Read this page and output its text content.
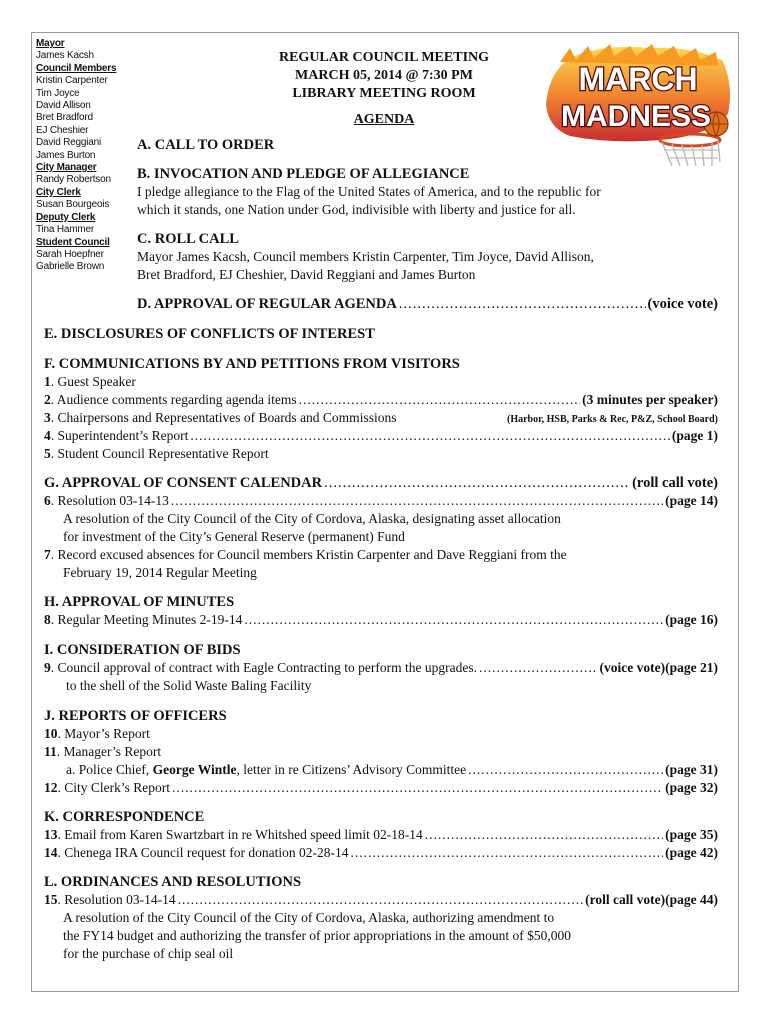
Mayor
James Kacsh
Council Members
Kristin Carpenter
Tim Joyce
David Allison
Bret Bradford
EJ Cheshier
David Reggiani
James Burton
City Manager
Randy Robertson
City Clerk
Susan Bourgeois
Deputy Clerk
Tina Hammer
Student Council
Sarah Hoepfner
Gabrielle Brown
REGULAR COUNCIL MEETING
MARCH 05, 2014 @ 7:30 PM
LIBRARY MEETING ROOM
AGENDA
MARCH
MADNESS
A. CALL TO ORDER
B. INVOCATION AND PLEDGE OF ALLEGIANCE
I pledge allegiance to the Flag of the United States of America, and to the republic for
which it stands, one Nation under God, indivisible with liberty and justice for all.
C. ROLL CALL
Mayor James Kacsh, Council members Kristin Carpenter, Tim Joyce, David Allison,
Bret Bradford, EJ Cheshier, David Reggiani and James Burton
D. APPROVAL OF REGULAR AGENDA .....	(voice vote)
E. DISCLOSURES OF CONFLICTS OF INTEREST
F. COMMUNICATIONS BY AND PETITIONS FROM VISITORS
1. Guest Speaker
2. Audience comments regarding agenda items .....	(3 minutes per speaker)
3. Chairpersons and Representatives of Boards and Commissions	(Harbor, HSB, Parks & Rec, P&Z, School Board)
4. Superintendent’s Report .....	(page 1)
5. Student Council Representative Report
G. APPROVAL OF CONSENT CALENDAR .....	(roll call vote)
6. Resolution 03-14-13 .....	(page 14)
A resolution of the City Council of the City of Cordova, Alaska, designating asset allocation
for investment of the City’s General Reserve (permanent) Fund
7. Record excused absences for Council members Kristin Carpenter and Dave Reggiani from the
February 19, 2014 Regular Meeting
H. APPROVAL OF MINUTES
8. Regular Meeting Minutes 2-19-14 .....	(page 16)
I. CONSIDERATION OF BIDS
9. Council approval of contract with Eagle Contracting to perform the upgrades. .....	(voice vote)(page 21)
to the shell of the Solid Waste Baling Facility
J. REPORTS OF OFFICERS
10. Mayor’s Report
11. Manager’s Report
a. Police Chief, George Wintle, letter in re Citizens’ Advisory Committee .....	(page 31)
12. City Clerk’s Report .....	(page 32)
K. CORRESPONDENCE
13. Email from Karen Swartzbart in re Whitshed speed limit 02-18-14 .....	(page 35)
14. Chenega IRA Council request for donation 02-28-14 .....	(page 42)
L. ORDINANCES AND RESOLUTIONS
15. Resolution 03-14-14 .....	(roll call vote)(page 44)
A resolution of the City Council of the City of Cordova, Alaska, authorizing amendment to
the FY14 budget and authorizing the transfer of prior appropriations in the amount of $50,000
for the purchase of chip seal oil
